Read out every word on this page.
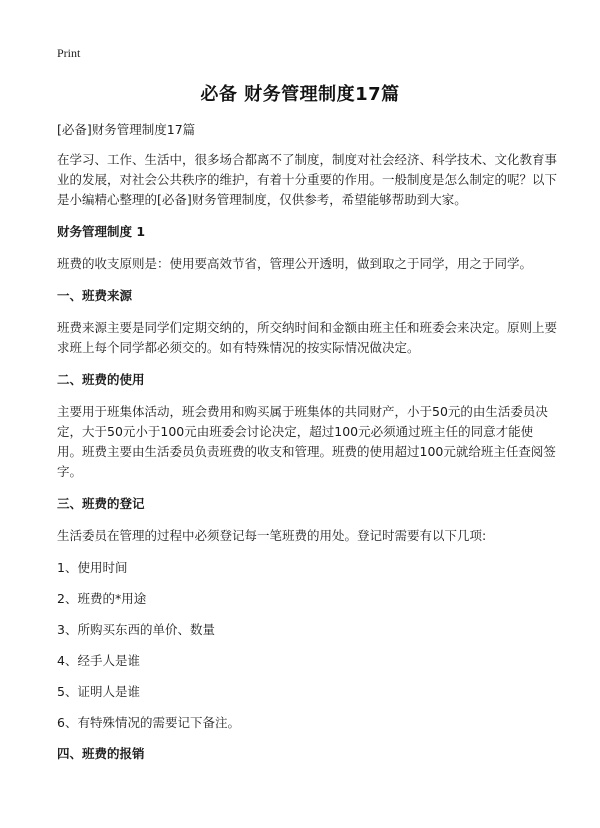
Print
必备 财务管理制度17篇

[必备]财务管理制度17篇

在学习、工作、生活中，很多场合都离不了制度，制度对社会经济、科学技术、文化教育事业的发展，对社会公共秩序的维护，有着十分重要的作用。一般制度是怎么制定的呢？以下是小编精心整理的[必备]财务管理制度，仅供参考，希望能够帮助到大家。

财务管理制度 1

班费的收支原则是：使用要高效节省，管理公开透明，做到取之于同学，用之于同学。

一、班费来源

班费来源主要是同学们定期交纳的，所交纳时间和金额由班主任和班委会来决定。原则上要求班上每个同学都必须交的。如有特殊情况的按实际情况做决定。

二、班费的使用

主要用于班集体活动，班会费用和购买属于班集体的共同财产，小于50元的由生活委员决定，大于50元小于100元由班委会讨论决定，超过100元必须通过班主任的同意才能使用。班费主要由生活委员负责班费的收支和管理。班费的使用超过100元就给班主任查阅签字。

三、班费的登记

生活委员在管理的过程中必须登记每一笔班费的用处。登记时需要有以下几项:

1、使用时间

2、班费的*用途

3、所购买东西的单价、数量

4、经手人是谁

5、证明人是谁

6、有特殊情况的需要记下备注。

四、班费的报销
